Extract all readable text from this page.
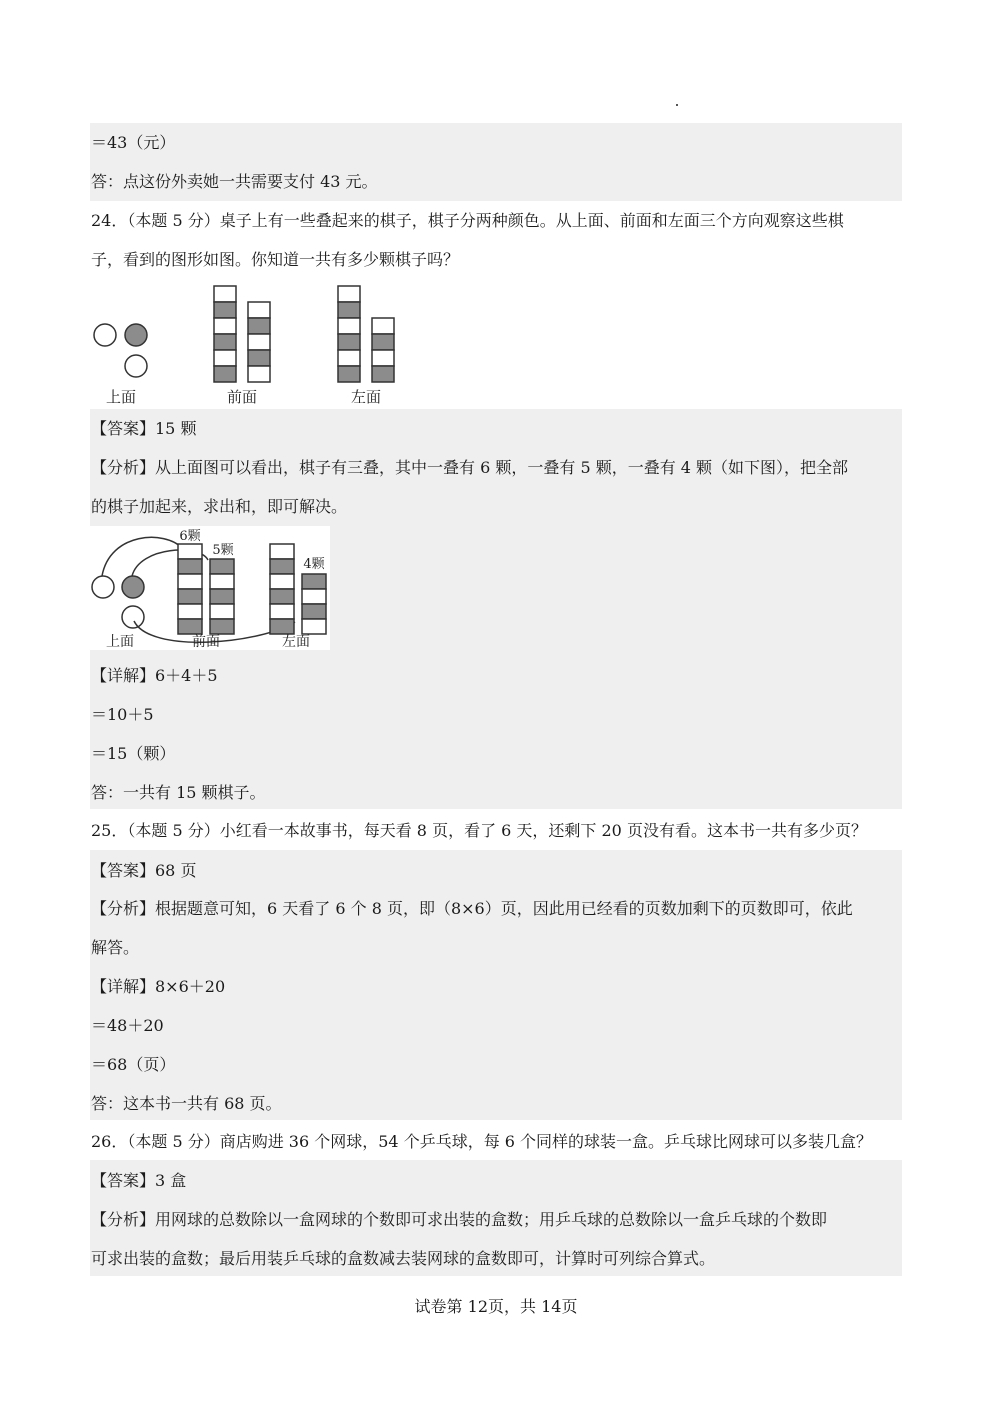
＝43（元）
答：点这份外卖她一共需要支付 43 元。
24．（本题 5 分）桌子上有一些叠起来的棋子，棋子分两种颜色。从上面、前面和左面三个方向观察这些棋
子，看到的图形如图。你知道一共有多少颗棋子吗？
上面	前面	左面
【答案】15 颗
【分析】从上面图可以看出，棋子有三叠，其中一叠有 6 颗，一叠有 5 颗，一叠有 4 颗（如下图），把全部
的棋子加起来，求出和，即可解决。
6颗
5颗
4颗
上面	前面	左面
【详解】6＋4＋5
＝10＋5
＝15（颗）
答：一共有 15 颗棋子。
25．（本题 5 分）小红看一本故事书，每天看 8 页，看了 6 天，还剩下 20 页没有看。这本书一共有多少页？
【答案】68 页
【分析】根据题意可知，6 天看了 6 个 8 页，即（8×6）页，因此用已经看的页数加剩下的页数即可，依此
解答。
【详解】8×6＋20
＝48＋20
＝68（页）
答：这本书一共有 68 页。
26．（本题 5 分）商店购进 36 个网球，54 个乒乓球，每 6 个同样的球装一盒。乒乓球比网球可以多装几盒？
【答案】3 盒
【分析】用网球的总数除以一盒网球的个数即可求出装的盒数；用乒乓球的总数除以一盒乒乓球的个数即
可求出装的盒数；最后用装乒乓球的盒数减去装网球的盒数即可，计算时可列综合算式。
试卷第 12页，共 14页
